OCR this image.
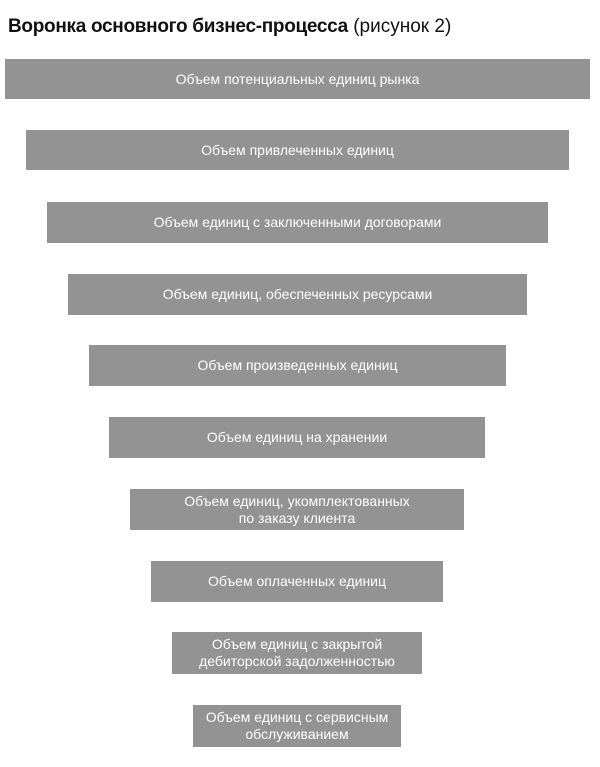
Воронка основного бизнес-процесса (рисунок 2)
Объем потенциальных единиц рынка
Объем привлеченных единиц
Объем единиц с заключенными договорами
Объем единиц, обеспеченных ресурсами
Объем произведенных единиц
Объем единиц на хранении
Объем единиц, укомплектованных
по заказу клиента
Объем оплаченных единиц
Объем единиц с закрытой
дебиторской задолженностью
Объем единиц с сервисным
обслуживанием
